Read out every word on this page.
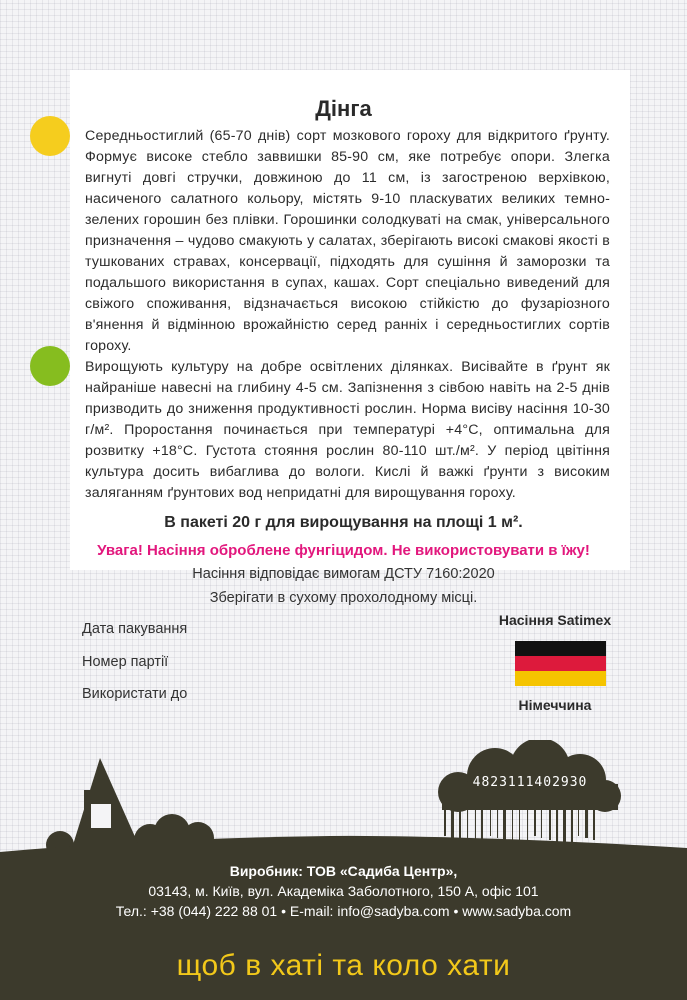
Дінга

Середньостиглий (65-70 днів) сорт мозкового гороху для відкритого ґрунту. Формує високе стебло заввишки 85-90 см, яке потребує опори. Злегка вигнуті довгі стручки, довжиною до 11 см, із загостреною верхівкою, насиченого салатного кольору, містять 9-10 пласкуватих великих темно-зелених горошин без плівки. Горошинки солодкуваті на смак, універсального призначення – чудово смакують у салатах, зберігають високі смакові якості в тушкованих стравах, консервації, підходять для сушіння й заморозки та подальшого використання в супах, кашах. Сорт спеціально виведений для свіжого споживання, відзначається високою стійкістю до фузаріозного в'янення й відмінною врожайністю серед ранніх і середньостиглих сортів гороху.

Вирощують культуру на добре освітлених ділянках. Висівайте в ґрунт як найраніше навесні на глибину 4-5 см. Запізнення з сівбою навіть на 2-5 днів призводить до зниження продуктивності рослин. Норма висіву насіння 10-30 г/м². Проростання починається при температурі +4°С, оптимальна для розвитку +18°С. Густота стояння рослин 80-110 шт./м². У період цвітіння культура досить вибаглива до вологи. Кислі й важкі ґрунти з високим заляганням ґрунтових вод непридатні для вирощування гороху.

В пакеті 20 г для вирощування на площі 1 м².
Увага! Насіння оброблене фунгіцидом. Не використовувати в їжу!
Насіння відповідає вимогам ДСТУ 7160:2020
Зберігати в сухому прохолодному місці.
Дата пакування
Номер партії
Використати до
Насіння Satimex
Німеччина
4823111402930
Виробник: ТОВ «Садиба Центр»,
03143, м. Київ, вул. Академіка Заболотного, 150 А, офіс 101
Тел.: +38 (044) 222 88 01 • E-mail: info@sadyba.com • www.sadyba.com
щоб в хаті та коло хати
